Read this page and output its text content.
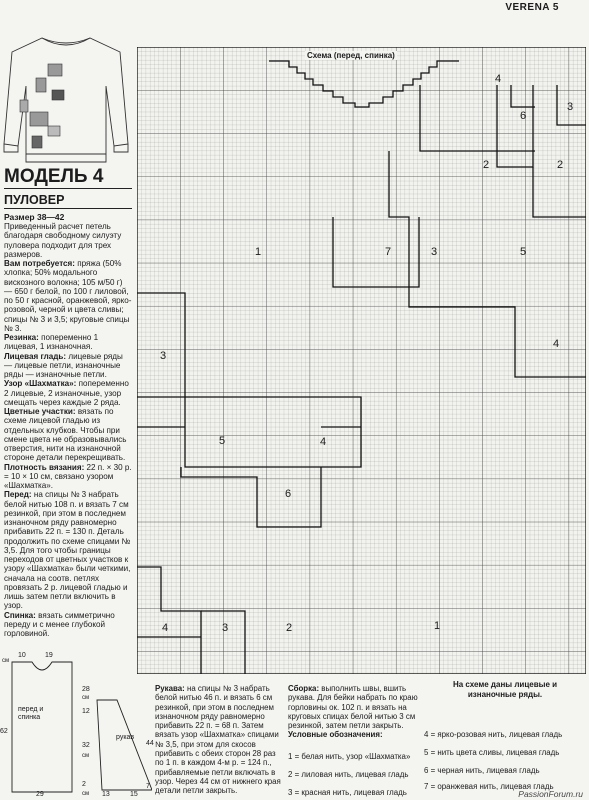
VERENA 5
МОДЕЛЬ 4
ПУЛОВЕР
Размер 38—42

Приведенный расчет петель благодаря свободному силуэту пуловера подходит для трех размеров.

Вам потребуется: пряжа (50% хлопка; 50% модального вискозного волокна; 105 м/50 г) — 650 г белой, по 100 г лиловой, по 50 г красной, оранжевой, ярко-розовой, черной и цвета сливы; спицы № 3 и 3,5; круговые спицы № 3.

Резинка: попеременно 1 лицевая, 1 изнаночная.

Лицевая гладь: лицевые ряды — лицевые петли, изнаночные ряды — изнаночные петли.

Узор «Шахматка»: попеременно 2 лицевые, 2 изнаночные, узор смещать через каждые 2 ряда.

Цветные участки: вязать по схеме лицевой гладью из отдельных клубков. Чтобы при смене цвета не образовывались отверстия, нити на изнаночной стороне детали перекрещивать.

Плотность вязания: 22 п. × 30 р. = 10 × 10 см, связано узором «Шахматка».

Перед: на спицы № 3 набрать белой нитью 108 п. и вязать 7 см резинкой, при этом в последнем изнаночном ряду равномерно прибавить 22 п. = 130 п. Деталь продолжить по схеме спицами № 3,5. Для того чтобы границы переходов от цветных участков к узору «Шахматка» были четкими, сначала на соотв. петлях провязать 2 р. лицевой гладью и лишь затем петли включить в узор.

Спинка: вязать симметрично переду и с менее глубокой горловиной.

Схема (перед, спинка)
1
1
2	2
2
3
3
3
4
4
4
4
5
5
6
6
7
3
На схеме даны лицевые и изнаночные ряды.
10	19
28
12
62
32
2
29
см
см
см
см
перед и спинка
рукав
44
7
13	15

Рукава: на спицы № 3 набрать белой нитью 46 п. и вязать 6 см резинкой, при этом в последнем изнаночном ряду равномерно прибавить 22 п. = 68 п. Затем вязать узор «Шахматка» спицами № 3,5, при этом для скосов прибавить с обеих сторон 28 раз по 1 п. в каждом 4-м р. = 124 п., прибавляемые петли включать в узор. Через 44 см от нижнего края детали петли закрыть.

Сборка: выполнить швы, вшить рукава. Для бейки набрать по краю горловины ок. 102 п. и вязать на круговых спицах белой нитью 3 см резинкой, затем петли закрыть.

Условные обозначения:

1 = белая нить, узор «Шахматка»
2 = лиловая нить, лицевая гладь
3 = красная нить, лицевая гладь
4 = ярко-розовая нить, лицевая гладь
5 = нить цвета сливы, лицевая гладь
6 = черная нить, лицевая гладь
7 = оранжевая нить, лицевая гладь
PassionForum.ru
